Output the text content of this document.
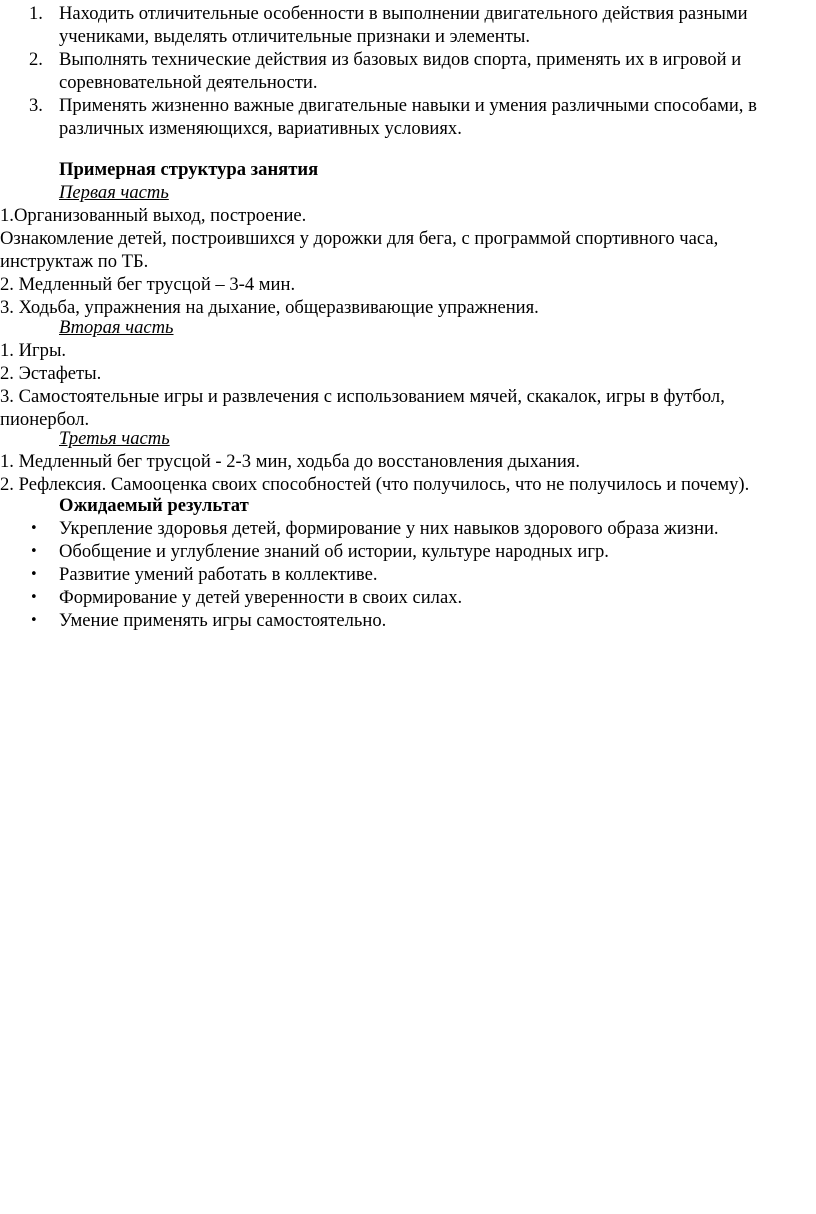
1. Находить отличительные особенности в выполнении двигательного действия разными учениками, выделять отличительные признаки и элементы.
2. Выполнять технические действия из базовых видов спорта, применять их в игровой и соревновательной деятельности.
3. Применять жизненно важные двигательные навыки и умения различными способами, в различных изменяющихся, вариативных условиях.
Примерная структура занятия
Первая часть
1.Организованный выход, построение.
Ознакомление детей, построившихся у дорожки для бега, с программой спортивного часа, инструктаж по ТБ.
2. Медленный бег трусцой – 3-4 мин.
3. Ходьба, упражнения на дыхание, общеразвивающие упражнения.
Вторая часть
1. Игры.
2. Эстафеты.
3. Самостоятельные игры и развлечения с использованием мячей, скакалок, игры в футбол, пионербол.
Третья часть
1. Медленный бег трусцой - 2-3 мин, ходьба до восстановления дыхания.
2. Рефлексия. Самооценка своих способностей (что получилось, что не получилось и почему).
Ожидаемый результат
• Укрепление здоровья детей, формирование у них навыков здорового образа жизни.
• Обобщение и углубление знаний об истории, культуре народных игр.
• Развитие умений работать в коллективе.
• Формирование у детей уверенности в своих силах.
• Умение применять игры самостоятельно.
